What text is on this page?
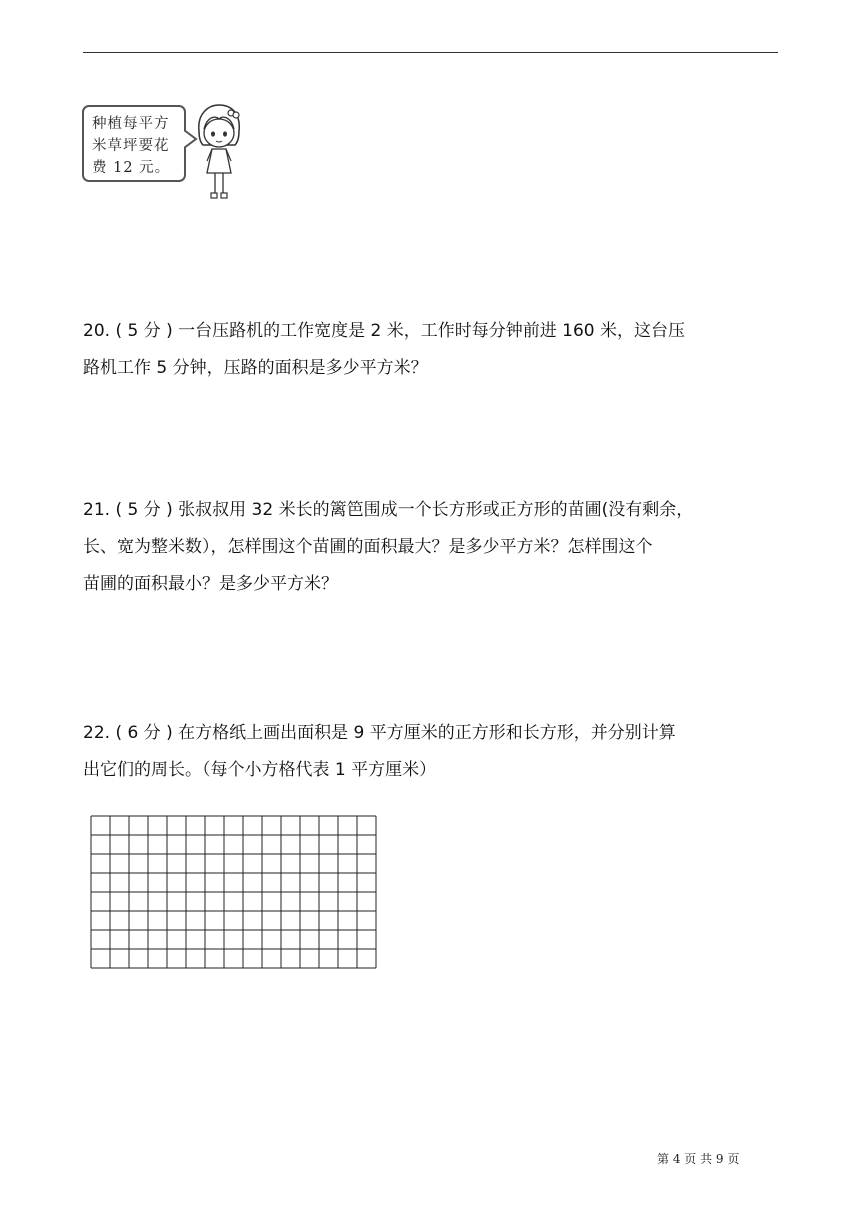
种植每平方
米草坪要花
费 12 元。
20. ( 5 分 ) 一台压路机的工作宽度是 2 米，工作时每分钟前进 160 米，这台压
路机工作 5 分钟，压路的面积是多少平方米？
21. ( 5 分 ) 张叔叔用 32 米长的篱笆围成一个长方形或正方形的苗圃(没有剩余，
长、宽为整米数），怎样围这个苗圃的面积最大？是多少平方米？怎样围这个
苗圃的面积最小？是多少平方米？
22. ( 6 分 ) 在方格纸上画出面积是 9 平方厘米的正方形和长方形，并分别计算
出它们的周长。（每个小方格代表 1 平方厘米）
第 4 页 共 9 页
